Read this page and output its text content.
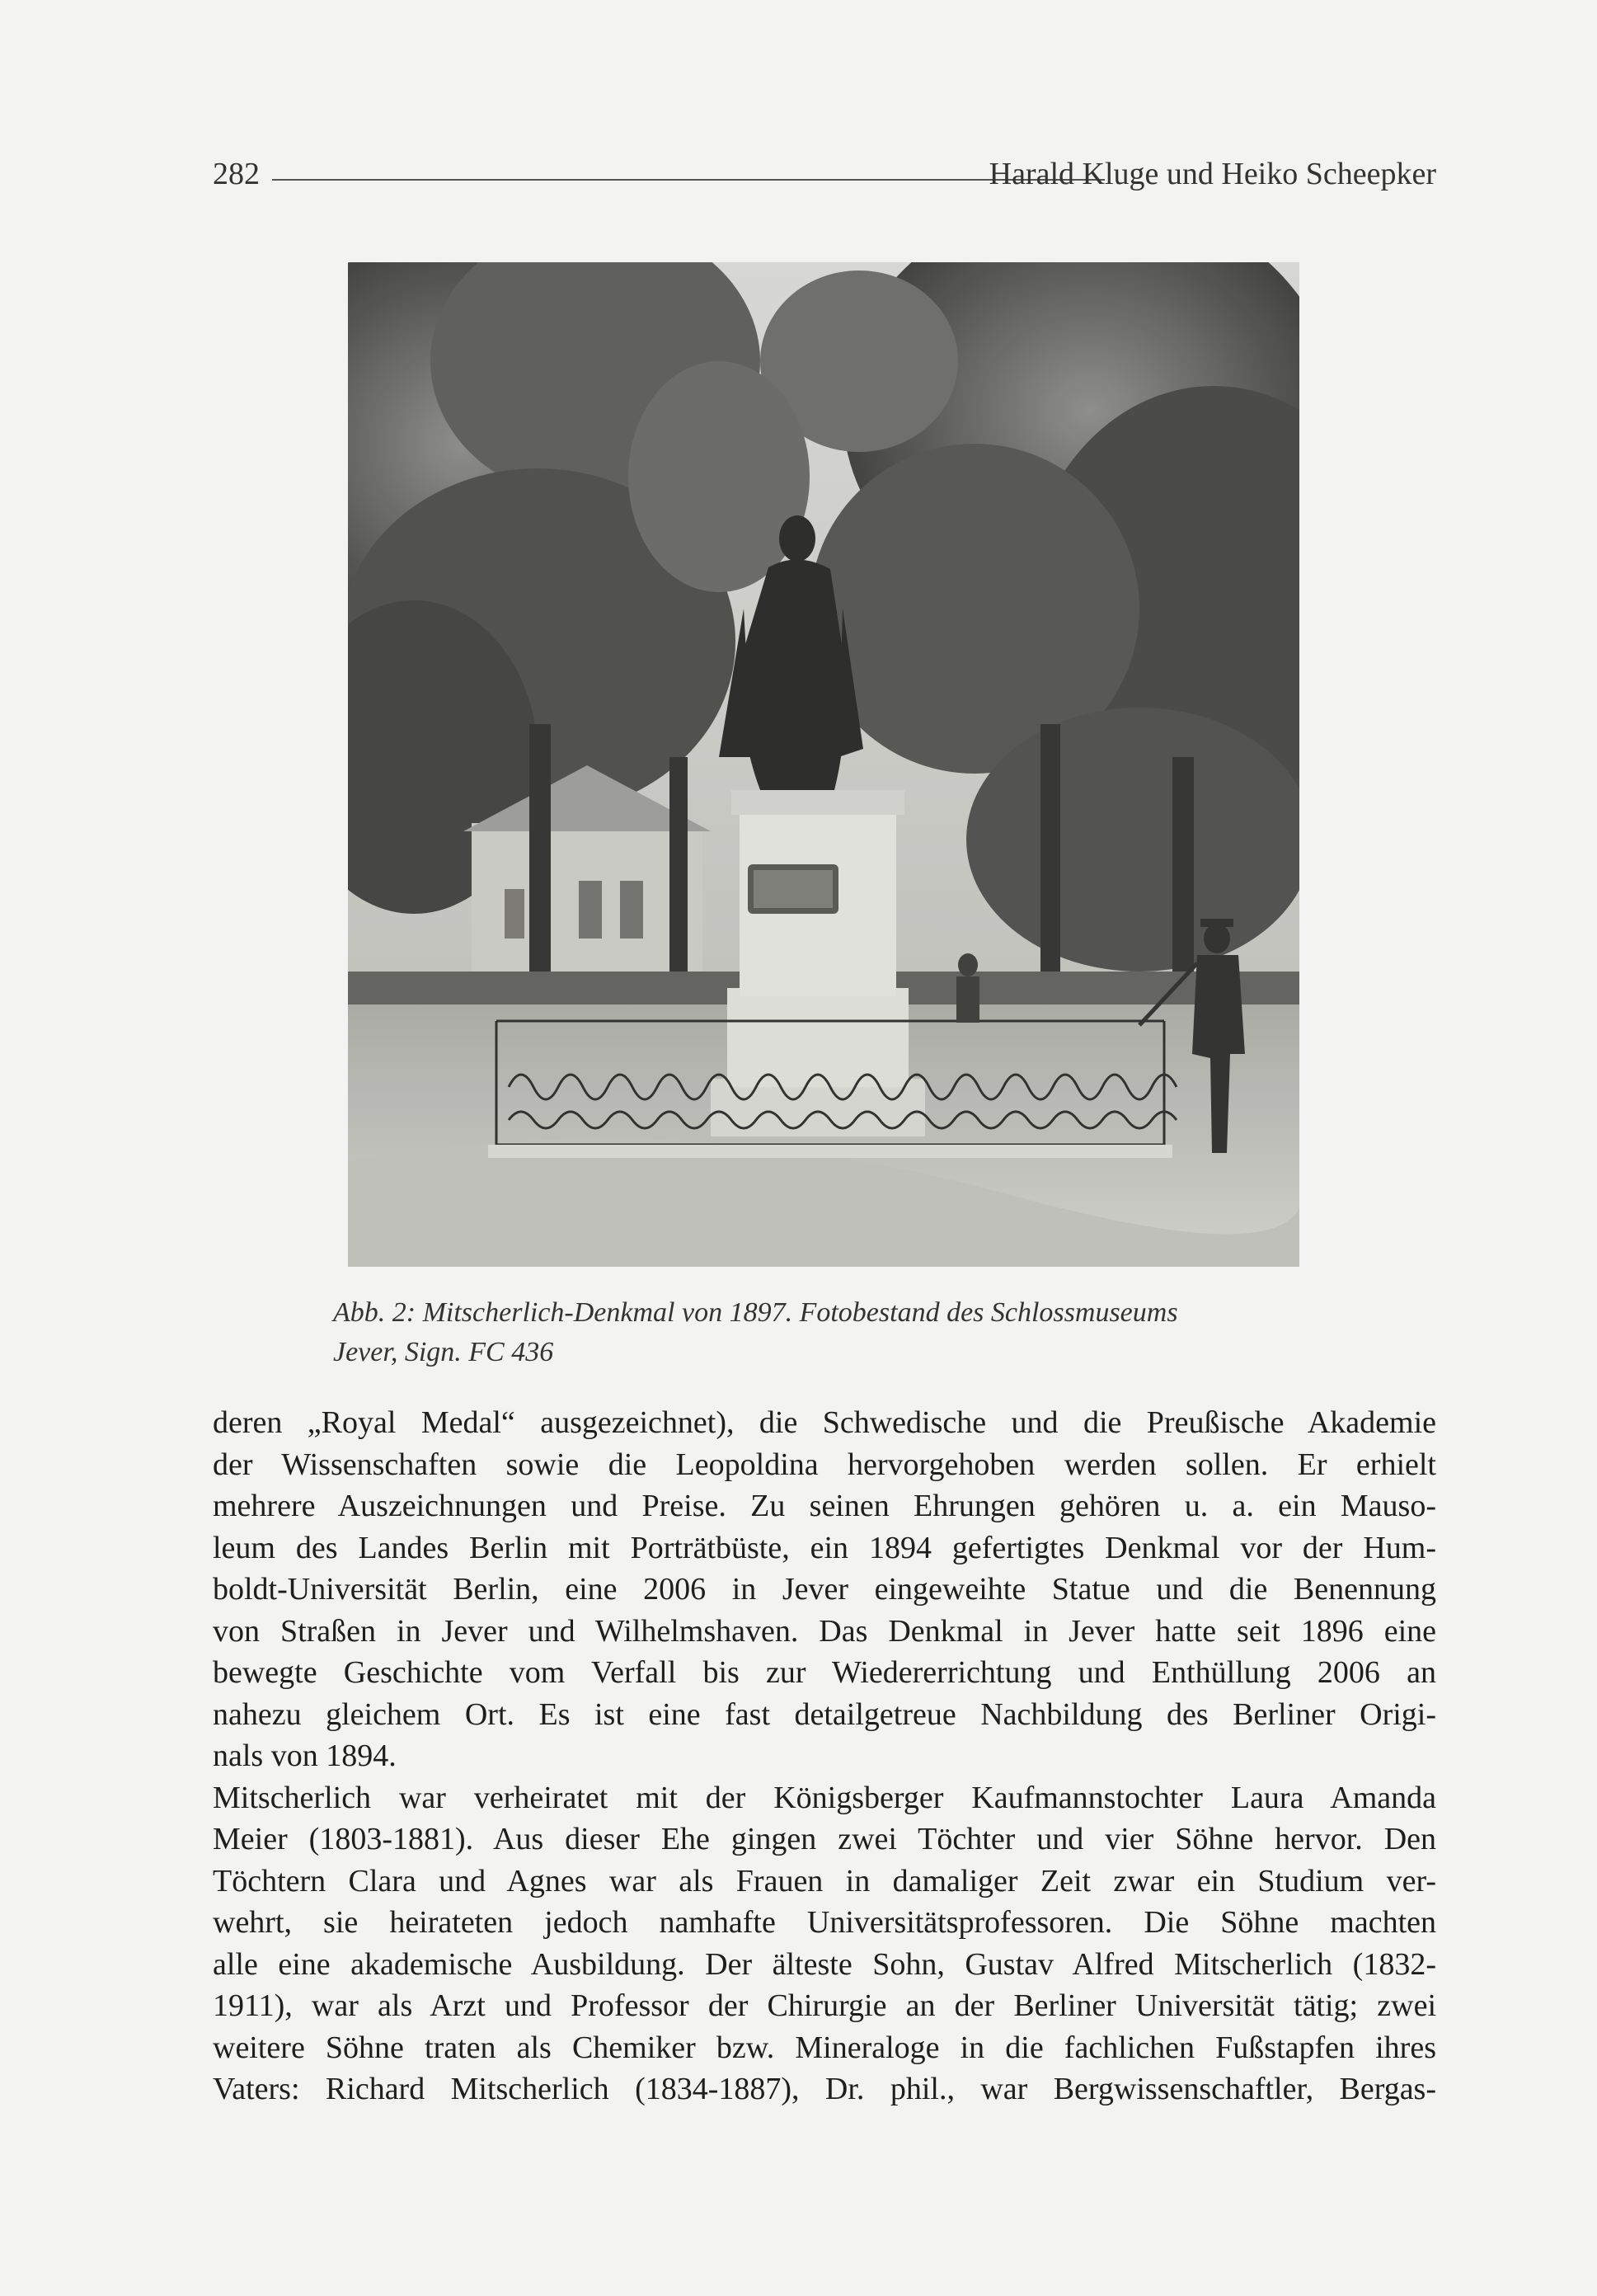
282	Harald Kluge und Heiko Scheepker
Abb. 2: Mitscherlich-Denkmal von 1897. Fotobestand des Schlossmuseums
Jever, Sign. FC 436
deren „Royal Medal“ ausgezeichnet), die Schwedische und die Preußische Akademie
der Wissenschaften sowie die Leopoldina hervorgehoben werden sollen. Er erhielt
mehrere Auszeichnungen und Preise. Zu seinen Ehrungen gehören u. a. ein Mauso-
leum des Landes Berlin mit Porträtbüste, ein 1894 gefertigtes Denkmal vor der Hum-
boldt-Universität Berlin, eine 2006 in Jever eingeweihte Statue und die Benennung
von Straßen in Jever und Wilhelmshaven. Das Denkmal in Jever hatte seit 1896 eine
bewegte Geschichte vom Verfall bis zur Wiedererrichtung und Enthüllung 2006 an
nahezu gleichem Ort. Es ist eine fast detailgetreue Nachbildung des Berliner Origi-
nals von 1894.
Mitscherlich war verheiratet mit der Königsberger Kaufmannstochter Laura Amanda
Meier (1803-1881). Aus dieser Ehe gingen zwei Töchter und vier Söhne hervor. Den
Töchtern Clara und Agnes war als Frauen in damaliger Zeit zwar ein Studium ver-
wehrt, sie heirateten jedoch namhafte Universitätsprofessoren. Die Söhne machten
alle eine akademische Ausbildung. Der älteste Sohn, Gustav Alfred Mitscherlich (1832-
1911), war als Arzt und Professor der Chirurgie an der Berliner Universität tätig; zwei
weitere Söhne traten als Chemiker bzw. Mineraloge in die fachlichen Fußstapfen ihres
Vaters: Richard Mitscherlich (1834-1887), Dr. phil., war Bergwissenschaftler, Bergas-
